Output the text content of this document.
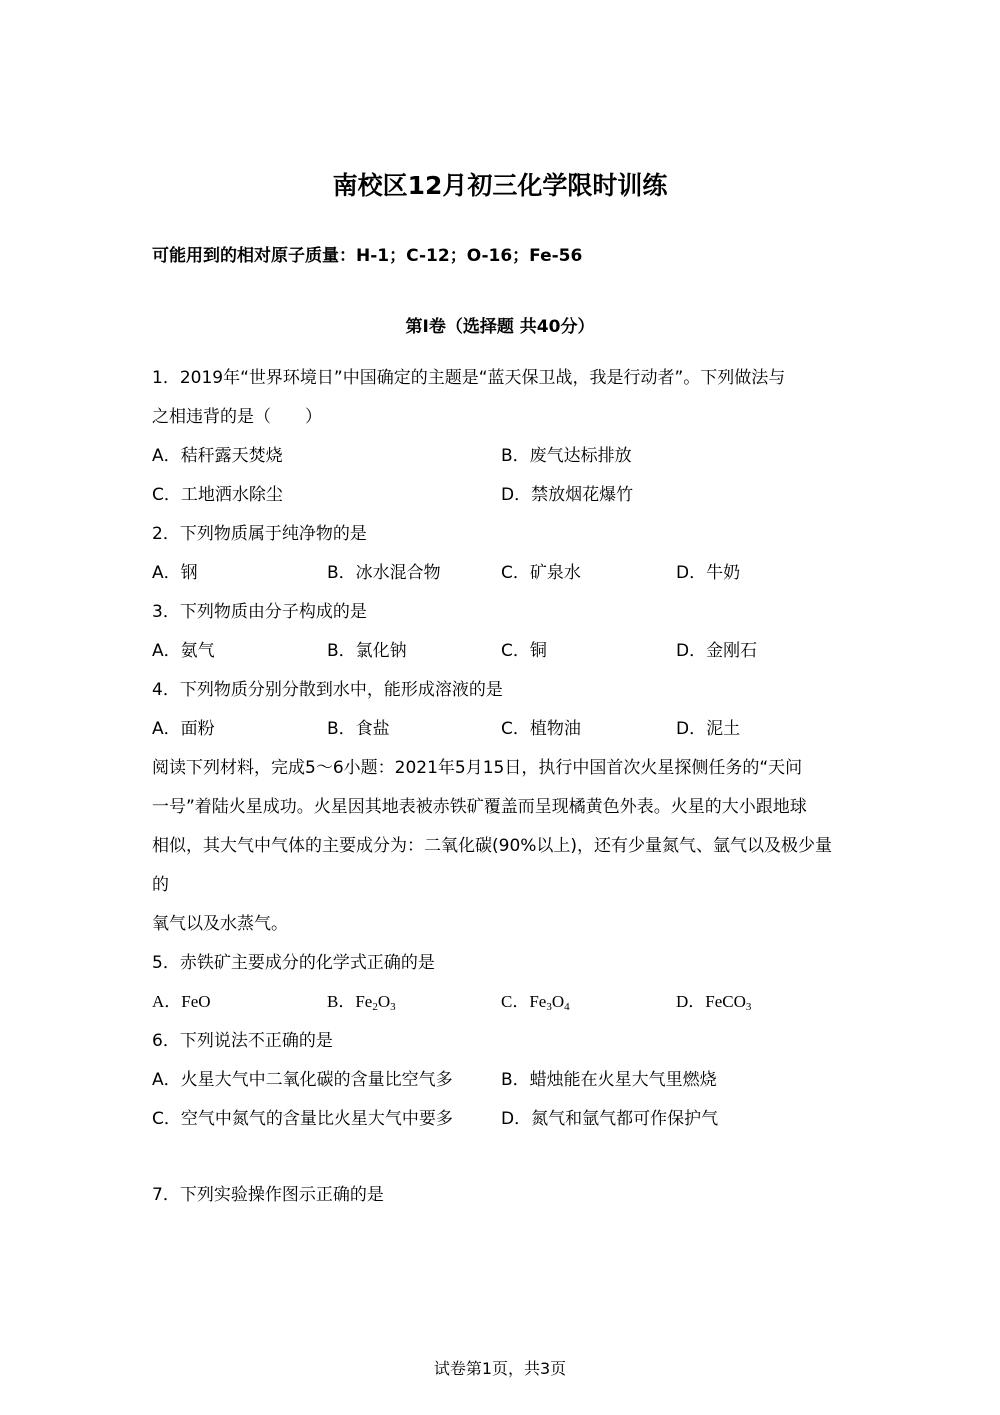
南校区12月初三化学限时训练
可能用到的相对原子质量：H-1；C-12；O-16；Fe-56
第I卷（选择题 共40分）
1．2019年“世界环境日”中国确定的主题是“蓝天保卫战，我是行动者”。下列做法与
之相违背的是（　　）
A．秸秆露天焚烧	B．废气达标排放
C．工地洒水除尘	D．禁放烟花爆竹
2．下列物质属于纯净物的是
A．钢	B．冰水混合物	C．矿泉水	D．牛奶
3．下列物质由分子构成的是
A．氨气	B．氯化钠	C．铜	D．金刚石
4．下列物质分别分散到水中，能形成溶液的是
A．面粉	B．食盐	C．植物油	D．泥土
阅读下列材料，完成5～6小题：2021年5月15日，执行中国首次火星探侧任务的“天问
一号”着陆火星成功。火星因其地表被赤铁矿覆盖而呈现橘黄色外表。火星的大小跟地球
相似，其大气中气体的主要成分为：二氧化碳(90%以上)，还有少量氮气、氩气以及极少量
的
氧气以及水蒸气。
5．赤铁矿主要成分的化学式正确的是
A．FeO	B．$Fe_2O_3$	C．$Fe_3O_4$	D．FeCO$_3$
6．下列说法不正确的是
A．火星大气中二氧化碳的含量比空气多	B．蜡烛能在火星大气里燃烧
C．空气中氮气的含量比火星大气中要多	D．氮气和氩气都可作保护气
7．下列实验操作图示正确的是
试卷第1页，共3页
